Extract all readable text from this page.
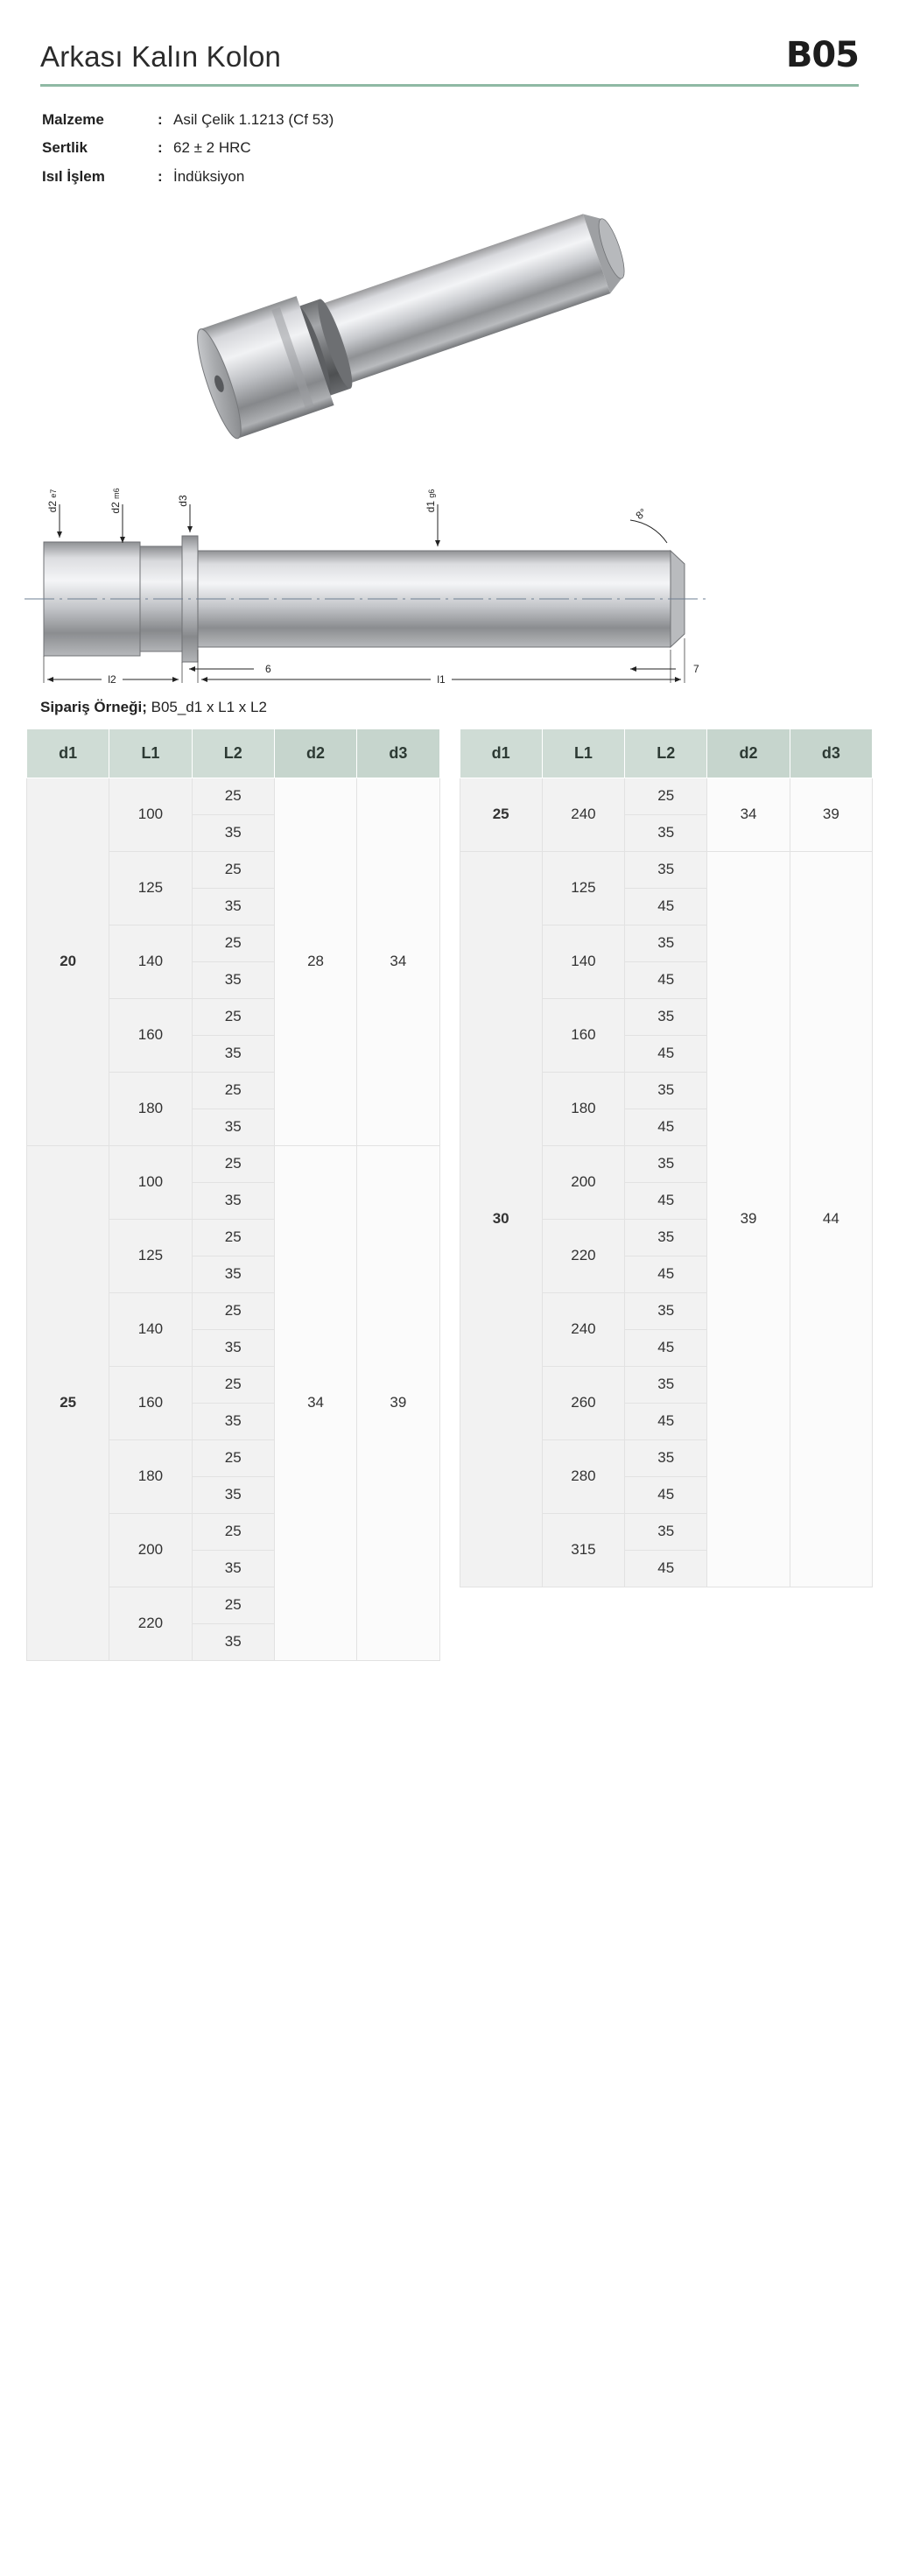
Arkası Kalın Kolon	B05
Malzeme	: Asil Çelik 1.1213 (Cf 53)
Sertlik	: 62 ± 2 HRC
Isıl İşlem	: İndüksiyon
d2 e7
d2 m6
d3	d1 g6
8°
6	7
l2	l1
Sipariş Örneği; B05_d1 x L1 x L2
d1	L1	L2	d2	d3
20	100	25	28	34
		35		
	125	25		
		35		
	140	25		
		35		
	160	25		
		35		
	180	25		
		35		
25	100	25	34	39
		35		
	125	25		
		35		
	140	25		
		35		
	160	25		
		35		
	180	25		
		35		
	200	25		
		35		
	220	25		
		35		
d1	L1	L2	d2	d3
25	240	25	34	39
		35		
30	125	35	39	44
		45		
	140	35		
		45		
	160	35		
		45		
	180	35		
		45		
	200	35		
		45		
	220	35		
		45		
	240	35		
		45		
	260	35		
		45		
	280	35		
		45		
	315	35		
		45		
